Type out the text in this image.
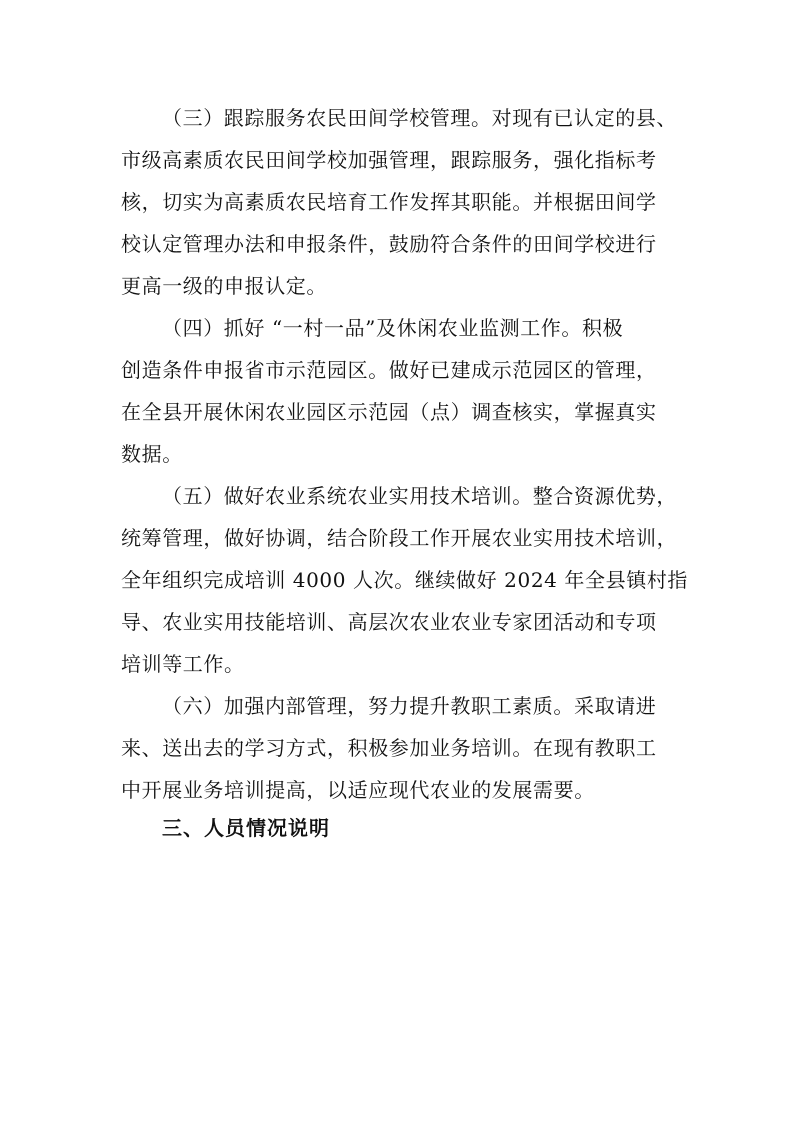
（三）跟踪服务农民田间学校管理。对现有已认定的县、
市级高素质农民田间学校加强管理，跟踪服务，强化指标考
核，切实为高素质农民培育工作发挥其职能。并根据田间学
校认定管理办法和申报条件，鼓励符合条件的田间学校进行
更高一级的申报认定。
（四）抓好 “一村一品”及休闲农业监测工作。积极
创造条件申报省市示范园区。做好已建成示范园区的管理，
在全县开展休闲农业园区示范园（点）调查核实，掌握真实
数据。
（五）做好农业系统农业实用技术培训。整合资源优势，
统筹管理，做好协调，结合阶段工作开展农业实用技术培训，
全年组织完成培训 4000 人次。继续做好 2024 年全县镇村指
导、农业实用技能培训、高层次农业农业专家团活动和专项
培训等工作。
（六）加强内部管理，努力提升教职工素质。采取请进
来、送出去的学习方式，积极参加业务培训。在现有教职工
中开展业务培训提高，以适应现代农业的发展需要。
三、人员情况说明
